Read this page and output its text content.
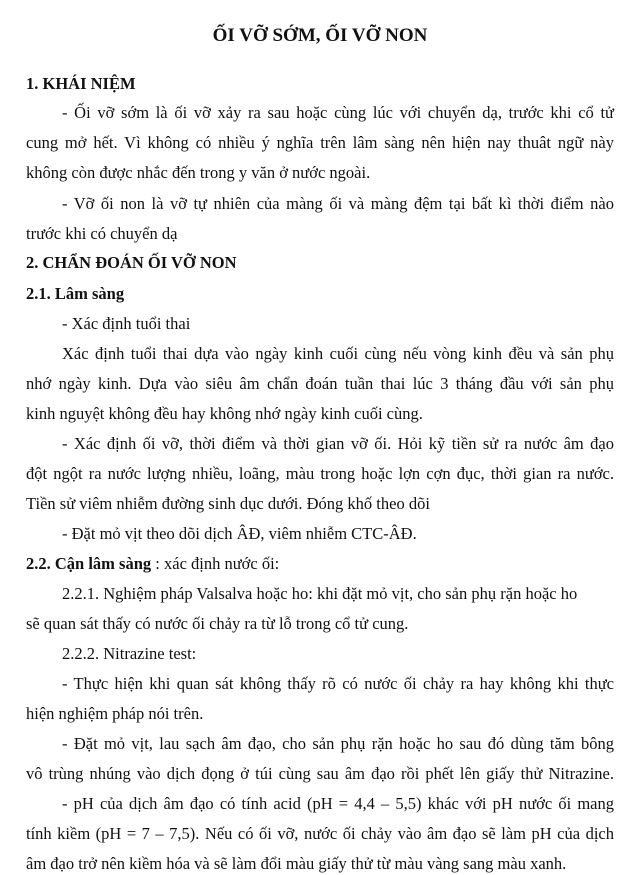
ỐI VỠ SỚM, ỐI VỠ NON
1. KHÁI NIỆM
- Ối vỡ sớm là ối vỡ xảy ra sau hoặc cùng lúc với chuyển dạ, trước khi cổ tử
cung mở hết. Vì không có nhiều ý nghĩa trên lâm sàng nên hiện nay thuât ngữ này
không còn được nhắc đến trong y văn ở nước ngoài.
- Vỡ ối non là vỡ tự nhiên của màng ối và màng đệm tại bất kì thời điểm nào
trước khi có chuyển dạ
2. CHẨN ĐOÁN ỐI VỠ NON
2.1. Lâm sàng
- Xác định tuổi thai
Xác định tuổi thai dựa vào ngày kinh cuối cùng nếu vòng kinh đều và sản phụ
nhớ ngày kinh. Dựa vào siêu âm chẩn đoán tuần thai lúc 3 tháng đầu với sản phụ
kinh nguyệt không đều hay không nhớ ngày kinh cuối cùng.
- Xác định ối vỡ, thời điểm và thời gian vỡ ối. Hỏi kỹ tiền sử ra nước âm đạo
đột ngột ra nước lượng nhiều, loãng, màu trong hoặc lợn cợn đục, thời gian ra nước.
Tiền sử viêm nhiễm đường sinh dục dưới. Đóng khố theo dõi
- Đặt mỏ vịt theo dõi dịch ÂĐ, viêm nhiễm CTC-ÂĐ.
2.2. Cận lâm sàng : xác định nước ối:
2.2.1. Nghiệm pháp Valsalva hoặc ho: khi đặt mỏ vịt, cho sản phụ rặn hoặc ho
sẽ quan sát thấy có nước ối chảy ra từ lỗ trong cổ tử cung.
2.2.2. Nitrazine test:
- Thực hiện khi quan sát không thấy rõ có nước ối chảy ra hay không khi thực
hiện nghiệm pháp nói trên.
- Đặt mỏ vịt, lau sạch âm đạo, cho sản phụ rặn hoặc ho sau đó dùng tăm bông
vô trùng nhúng vào dịch đọng ở túi cùng sau âm đạo rồi phết lên giấy thử Nitrazine.
- pH của dịch âm đạo có tính acid (pH = 4,4 – 5,5) khác với pH nước ối mang
tính kiềm (pH = 7 – 7,5). Nếu có ối vỡ, nước ối chảy vào âm đạo sẽ làm pH của dịch
âm đạo trở nên kiềm hóa và sẽ làm đổi màu giấy thử từ màu vàng sang màu xanh.
